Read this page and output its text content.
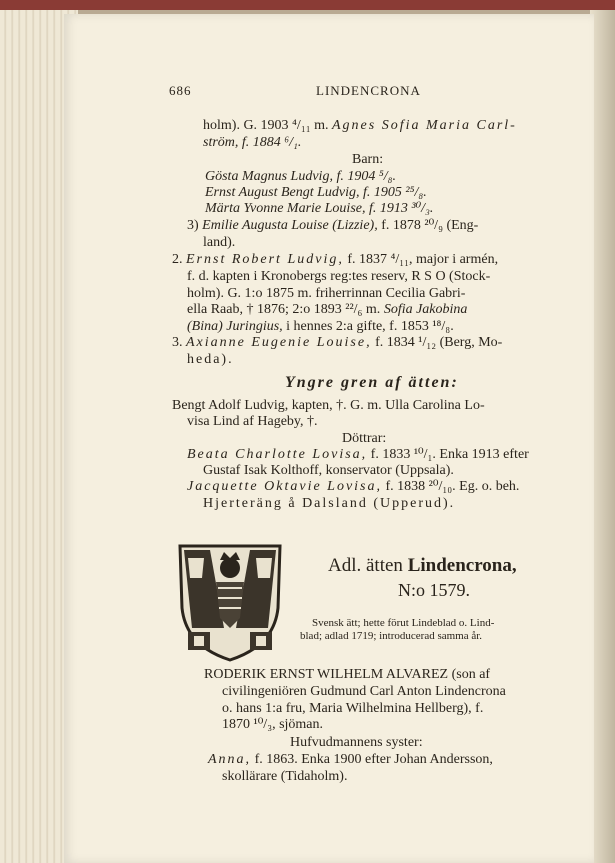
686	LINDENCRONA
holm). G. 1903 ⁴/₁₁ m. Agnes Sofia Maria Carl-
ström, f. 1884 ⁶/₁.
Barn:
Gösta Magnus Ludvig, f. 1904 ⁵/₈.
Ernst August Bengt Ludvig, f. 1905 ²⁵/₈.
Märta Yvonne Marie Louise, f. 1913 ³⁰/₃.
3) Emilie Augusta Louise (Lizzie), f. 1878 ²⁰/₉ (Eng-
land).
2. Ernst Robert Ludvig, f. 1837 ⁴/₁₁, major i armén,
f. d. kapten i Kronobergs reg:tes reserv, R S O (Stock-
holm). G. 1:o 1875 m. friherrinnan Cecilia Gabri-
ella Raab, † 1876; 2:o 1893 ²²/₆ m. Sofia Jakobina
(Bina) Juringius, i hennes 2:a gifte, f. 1853 ¹⁸/₈.
3. Axianne Eugenie Louise, f. 1834 ¹/₁₂ (Berg, Mo-
heda).
Yngre gren af ätten:
Bengt Adolf Ludvig, kapten, †. G. m. Ulla Carolina Lo-
visa Lind af Hageby, †.
Döttrar:
Beata Charlotte Lovisa, f. 1833 ¹⁰/₁. Enka 1913 efter
Gustaf Isak Kolthoff, konservator (Uppsala).
Jacquette Oktavie Lovisa, f. 1838 ²⁰/₁₀. Eg. o. beh.
Hjerteräng å Dalsland (Upperud).
Adl. ätten Lindencrona,
N:o 1579.
Svensk ätt; hette förut Lindeblad o. Lind-
blad; adlad 1719; introducerad samma år.
RODERIK ERNST WILHELM ALVAREZ (son af
civilingeniören Gudmund Carl Anton Lindencrona
o. hans 1:a fru, Maria Wilhelmina Hellberg), f.
1870 ¹⁰/₃, sjöman.
Hufvudmannens syster:
Anna, f. 1863. Enka 1900 efter Johan Andersson,
skollärare (Tidaholm).
